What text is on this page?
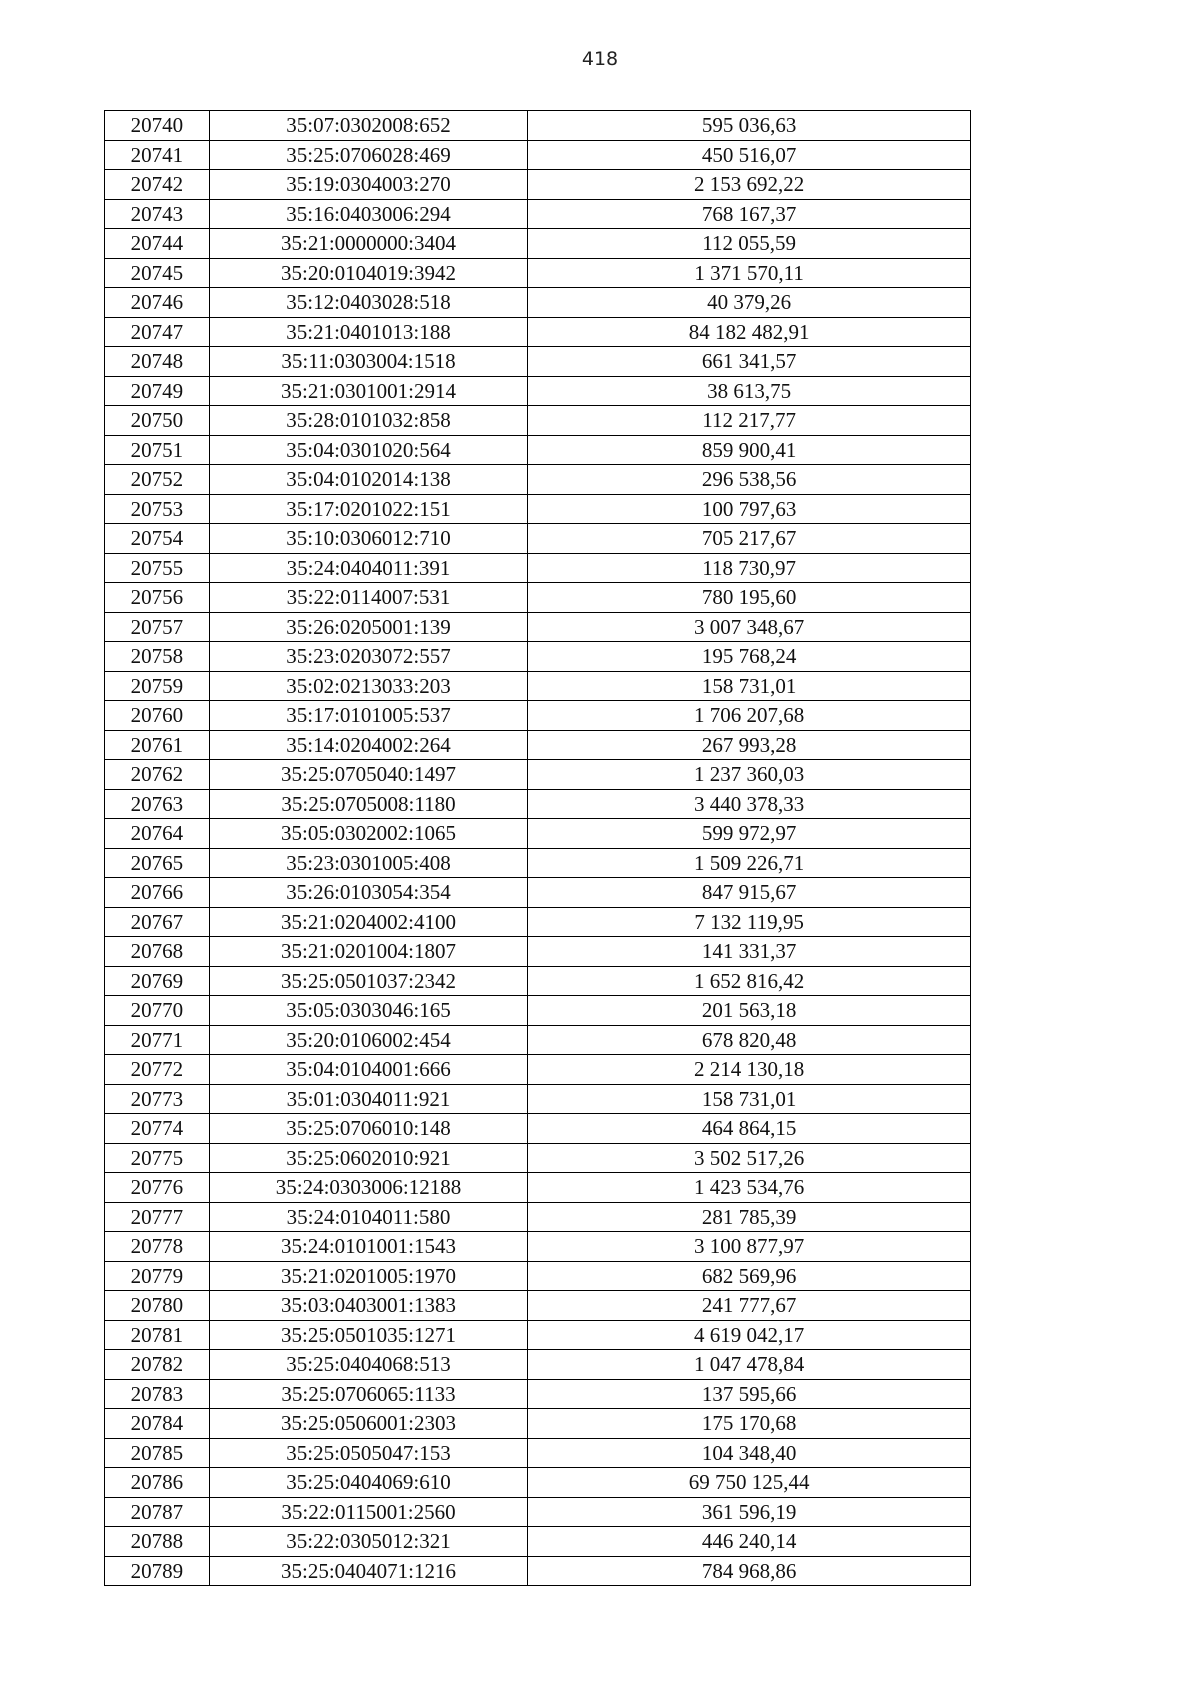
418
20740	35:07:0302008:652	595 036,63
20741	35:25:0706028:469	450 516,07
20742	35:19:0304003:270	2 153 692,22
20743	35:16:0403006:294	768 167,37
20744	35:21:0000000:3404	112 055,59
20745	35:20:0104019:3942	1 371 570,11
20746	35:12:0403028:518	40 379,26
20747	35:21:0401013:188	84 182 482,91
20748	35:11:0303004:1518	661 341,57
20749	35:21:0301001:2914	38 613,75
20750	35:28:0101032:858	112 217,77
20751	35:04:0301020:564	859 900,41
20752	35:04:0102014:138	296 538,56
20753	35:17:0201022:151	100 797,63
20754	35:10:0306012:710	705 217,67
20755	35:24:0404011:391	118 730,97
20756	35:22:0114007:531	780 195,60
20757	35:26:0205001:139	3 007 348,67
20758	35:23:0203072:557	195 768,24
20759	35:02:0213033:203	158 731,01
20760	35:17:0101005:537	1 706 207,68
20761	35:14:0204002:264	267 993,28
20762	35:25:0705040:1497	1 237 360,03
20763	35:25:0705008:1180	3 440 378,33
20764	35:05:0302002:1065	599 972,97
20765	35:23:0301005:408	1 509 226,71
20766	35:26:0103054:354	847 915,67
20767	35:21:0204002:4100	7 132 119,95
20768	35:21:0201004:1807	141 331,37
20769	35:25:0501037:2342	1 652 816,42
20770	35:05:0303046:165	201 563,18
20771	35:20:0106002:454	678 820,48
20772	35:04:0104001:666	2 214 130,18
20773	35:01:0304011:921	158 731,01
20774	35:25:0706010:148	464 864,15
20775	35:25:0602010:921	3 502 517,26
20776	35:24:0303006:12188	1 423 534,76
20777	35:24:0104011:580	281 785,39
20778	35:24:0101001:1543	3 100 877,97
20779	35:21:0201005:1970	682 569,96
20780	35:03:0403001:1383	241 777,67
20781	35:25:0501035:1271	4 619 042,17
20782	35:25:0404068:513	1 047 478,84
20783	35:25:0706065:1133	137 595,66
20784	35:25:0506001:2303	175 170,68
20785	35:25:0505047:153	104 348,40
20786	35:25:0404069:610	69 750 125,44
20787	35:22:0115001:2560	361 596,19
20788	35:22:0305012:321	446 240,14
20789	35:25:0404071:1216	784 968,86
